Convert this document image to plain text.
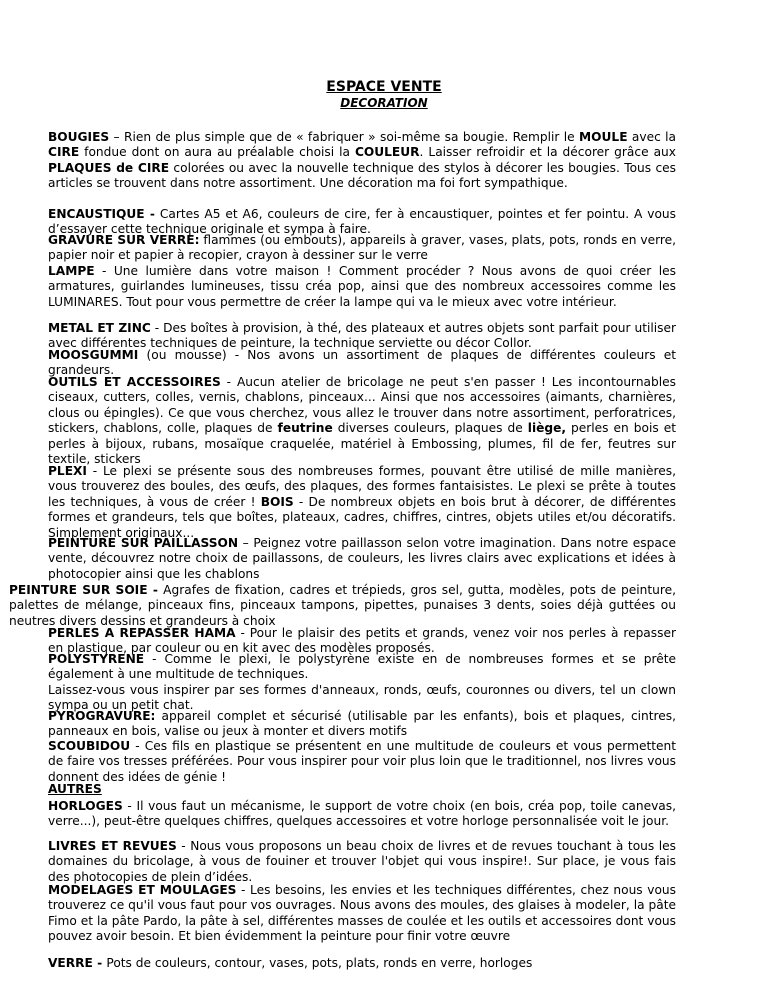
ESPACE VENTE
DECORATION
BOUGIES – Rien de plus simple que de « fabriquer » soi-même sa bougie. Remplir le MOULE avec la CIRE fondue dont on aura au préalable choisi la COULEUR. Laisser refroidir et la décorer grâce aux PLAQUES de CIRE colorées ou avec la nouvelle technique des stylos à décorer les bougies. Tous ces articles se trouvent dans notre assortiment. Une décoration ma foi fort sympathique.
ENCAUSTIQUE - Cartes A5 et A6, couleurs de cire, fer à encaustiquer, pointes et fer pointu. A vous d’essayer cette technique originale et sympa à faire.
GRAVURE SUR VERRE: flammes (ou embouts), appareils à graver, vases, plats, pots, ronds en verre, papier noir et papier à recopier, crayon à dessiner sur le verre
LAMPE - Une lumière dans votre maison ! Comment procéder ? Nous avons de quoi créer les armatures, guirlandes lumineuses, tissu créa pop, ainsi que des nombreux accessoires comme les LUMINARES. Tout pour vous permettre de créer la lampe qui va le mieux avec votre intérieur.
METAL ET ZINC - Des boîtes à provision, à thé, des plateaux et autres objets sont parfait pour utiliser avec différentes techniques de peinture, la technique serviette ou décor Collor.
MOOSGUMMI (ou mousse) - Nos avons un assortiment de plaques de différentes couleurs et grandeurs.
OUTILS ET ACCESSOIRES - Aucun atelier de bricolage ne peut s'en passer ! Les incontournables ciseaux, cutters, colles, vernis, chablons, pinceaux... Ainsi que nos accessoires (aimants, charnières, clous ou épingles). Ce que vous cherchez, vous allez le trouver dans notre assortiment, perforatrices, stickers, chablons, colle, plaques de feutrine diverses couleurs, plaques de liège, perles en bois et perles à bijoux, rubans, mosaïque craquelée, matériel à Embossing, plumes, fil de fer, feutres sur textile, stickers
PLEXI - Le plexi se présente sous des nombreuses formes, pouvant être utilisé de mille manières, vous trouverez des boules, des œufs, des plaques, des formes fantaisistes. Le plexi se prête à toutes les techniques, à vous de créer ! BOIS - De nombreux objets en bois brut à décorer, de différentes formes et grandeurs, tels que boîtes, plateaux, cadres, chiffres, cintres, objets utiles et/ou décoratifs. Simplement originaux...
PEINTURE SUR PAILLASSON – Peignez votre paillasson selon votre imagination. Dans notre espace vente, découvrez notre choix de paillassons, de couleurs, les livres clairs avec explications et idées à photocopier ainsi que les chablons
PEINTURE SUR SOIE - Agrafes de fixation, cadres et trépieds, gros sel, gutta, modèles, pots de peinture, palettes de mélange, pinceaux fins, pinceaux tampons, pipettes, punaises 3 dents, soies déjà guttées ou neutres divers dessins et grandeurs à choix
PERLES A REPASSER HAMA - Pour le plaisir des petits et grands, venez voir nos perles à repasser en plastique, par couleur ou en kit avec des modèles proposés.
POLYSTYRENE - Comme le plexi, le polystyrène existe en de nombreuses formes et se prête également à une multitude de techniques.
Laissez-vous vous inspirer par ses formes d'anneaux, ronds, œufs, couronnes ou divers, tel un clown sympa ou un petit chat.
PYROGRAVURE: appareil complet et sécurisé (utilisable par les enfants), bois et plaques, cintres, panneaux en bois, valise ou jeux à monter et divers motifs
SCOUBIDOU - Ces fils en plastique se présentent en une multitude de couleurs et vous permettent de faire vos tresses préférées. Pour vous inspirer pour voir plus loin que le traditionnel, nos livres vous donnent des idées de génie !
AUTRES
HORLOGES - Il vous faut un mécanisme, le support de votre choix (en bois, créa pop, toile canevas, verre...), peut-être quelques chiffres, quelques accessoires et votre horloge personnalisée voit le jour.
LIVRES ET REVUES - Nous vous proposons un beau choix de livres et de revues touchant à tous les domaines du bricolage, à vous de fouiner et trouver l'objet qui vous inspire!. Sur place, je vous fais des photocopies de plein d’idées.
MODELAGES ET MOULAGES - Les besoins, les envies et les techniques différentes, chez nous vous trouverez ce qu'il vous faut pour vos ouvrages. Nous avons des moules, des glaises à modeler, la pâte Fimo et la pâte Pardo, la pâte à sel, différentes masses de coulée et les outils et accessoires dont vous pouvez avoir besoin. Et bien évidemment la peinture pour finir votre œuvre
VERRE - Pots de couleurs, contour, vases, pots, plats, ronds en verre, horloges
